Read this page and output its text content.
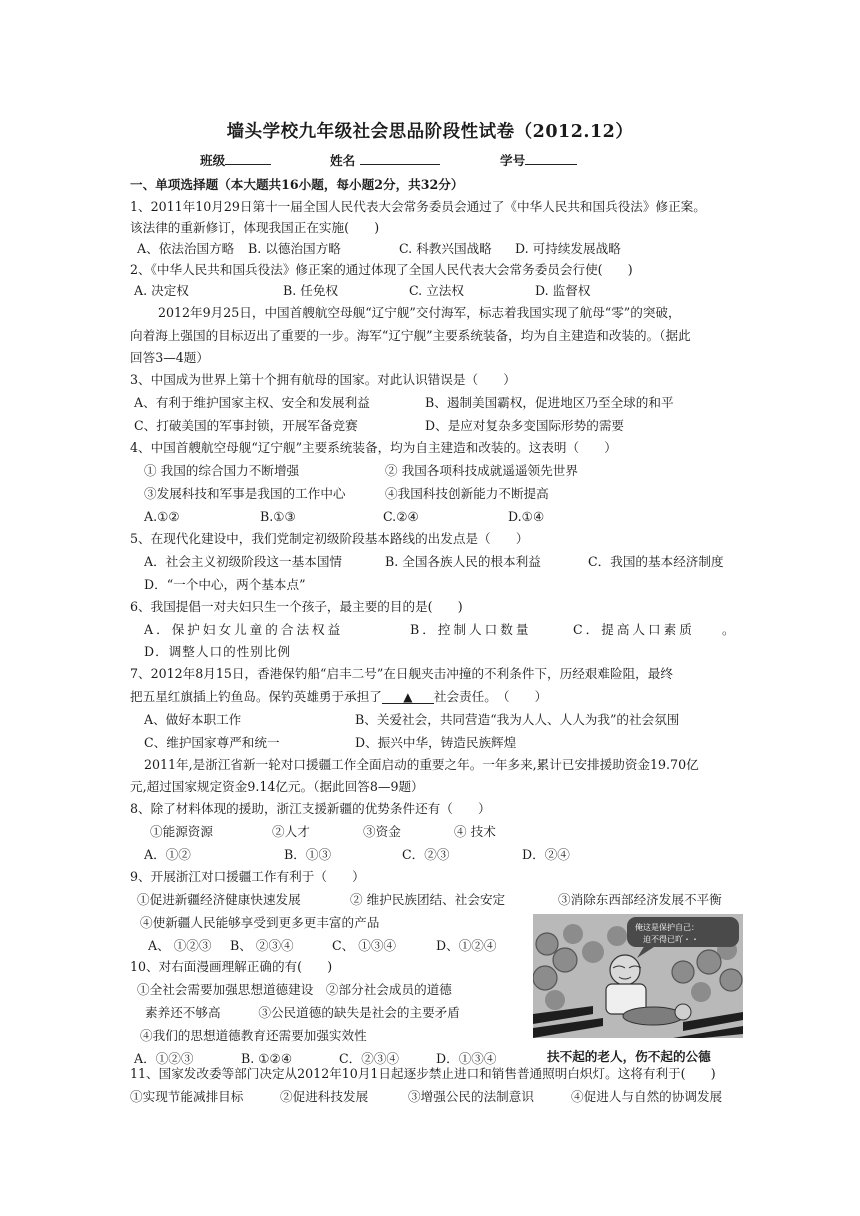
墙头学校九年级社会思品阶段性试卷（2012.12）
班级	姓名	学号
一、单项选择题（本大题共16小题，每小题2分，共32分）
1、2011年10月29日第十一届全国人民代表大会常务委员会通过了《中华人民共和国兵役法》修正案。
该法律的重新修订，体现我国正在实施(　　)
A、依法治国方略 B. 以德治国方略	C. 科教兴国战略 D. 可持续发展战略
2、《中华人民共和国兵役法》修正案的通过体现了全国人民代表大会常务委员会行使(　　)
A. 决定权	B. 任免权	C. 立法权	D. 监督权
2012年9月25日，中国首艘航空母舰“辽宁舰”交付海军，标志着我国实现了航母“零”的突破，
向着海上强国的目标迈出了重要的一步。海军“辽宁舰”主要系统装备，均为自主建造和改装的。（据此
回答3—4题）
3、中国成为世界上第十个拥有航母的国家。对此认识错误是（　　）
A、有利于维护国家主权、安全和发展利益	B、遏制美国霸权，促进地区乃至全球的和平
C、打破美国的军事封锁，开展军备竞赛	D、是应对复杂多变国际形势的需要
4、中国首艘航空母舰“辽宁舰”主要系统装备，均为自主建造和改装的。这表明（　　）
① 我国的综合国力不断增强	② 我国各项科技成就遥遥领先世界
③发展科技和军事是我国的工作中心	④我国科技创新能力不断提高
A.①②	B.①③	C.②④	D.①④
5、在现代化建设中，我们党制定初级阶段基本路线的出发点是（　　）
A．社会主义初级阶段这一基本国情	B. 全国各族人民的根本利益	C．我国的基本经济制度
D．“一个中心，两个基本点”
6、我国提倡一对夫妇只生一个孩子，最主要的目的是(　　)
A．保护妇女儿童的合法权益	B．控制人口数量	C．提高人口素质 。
D．调整人口的性别比例
7、2012年8月15日，香港保钓船“启丰二号”在日舰夹击冲撞的不利条件下，历经艰难险阻，最终
把五星红旗插上钓鱼岛。保钓英雄勇于承担了 ▲ 社会责任。　（　　）
A、做好本职工作	B、关爱社会，共同营造“我为人人、人人为我”的社会氛围
C、维护国家尊严和统一	D、振兴中华，铸造民族辉煌
2011年,是浙江省新一轮对口援疆工作全面启动的重要之年。一年多来,累计已安排援助资金19.70亿
元,超过国家规定资金9.14亿元。（据此回答8—9题）
8、除了材料体现的援助，浙江支援新疆的优势条件还有（　　）
①能源资源	②人才	③资金	④ 技术
A．①②	B．①③	C．②③	D．②④
9、开展浙江对口援疆工作有利于（　　）
①促进新疆经济健康快速发展	② 维护民族团结、社会安定	③消除东西部经济发展不平衡
④使新疆人民能够享受到更多更丰富的产品
A、 ①②③ B、 ②③④	C、 ①③④	D、①②④
10、对右面漫画理解正确的有(　　)
①全社会需要加强思想道德建设　②部分社会成员的道德
素养还不够高　　　③公民道德的缺失是社会的主要矛盾
④我们的思想道德教育还需要加强实效性
A．①②③	B. ①②④	C．②③④	D．①③④
俺这是保护自己：
迫不得已吖・・
扶不起的老人，伤不起的公德
11、国家发改委等部门决定从2012年10月1日起逐步禁止进口和销售普通照明白炽灯。这将有利于(　　)
①实现节能减排目标	②促进科技发展	③增强公民的法制意识	④促进人与自然的协调发展
